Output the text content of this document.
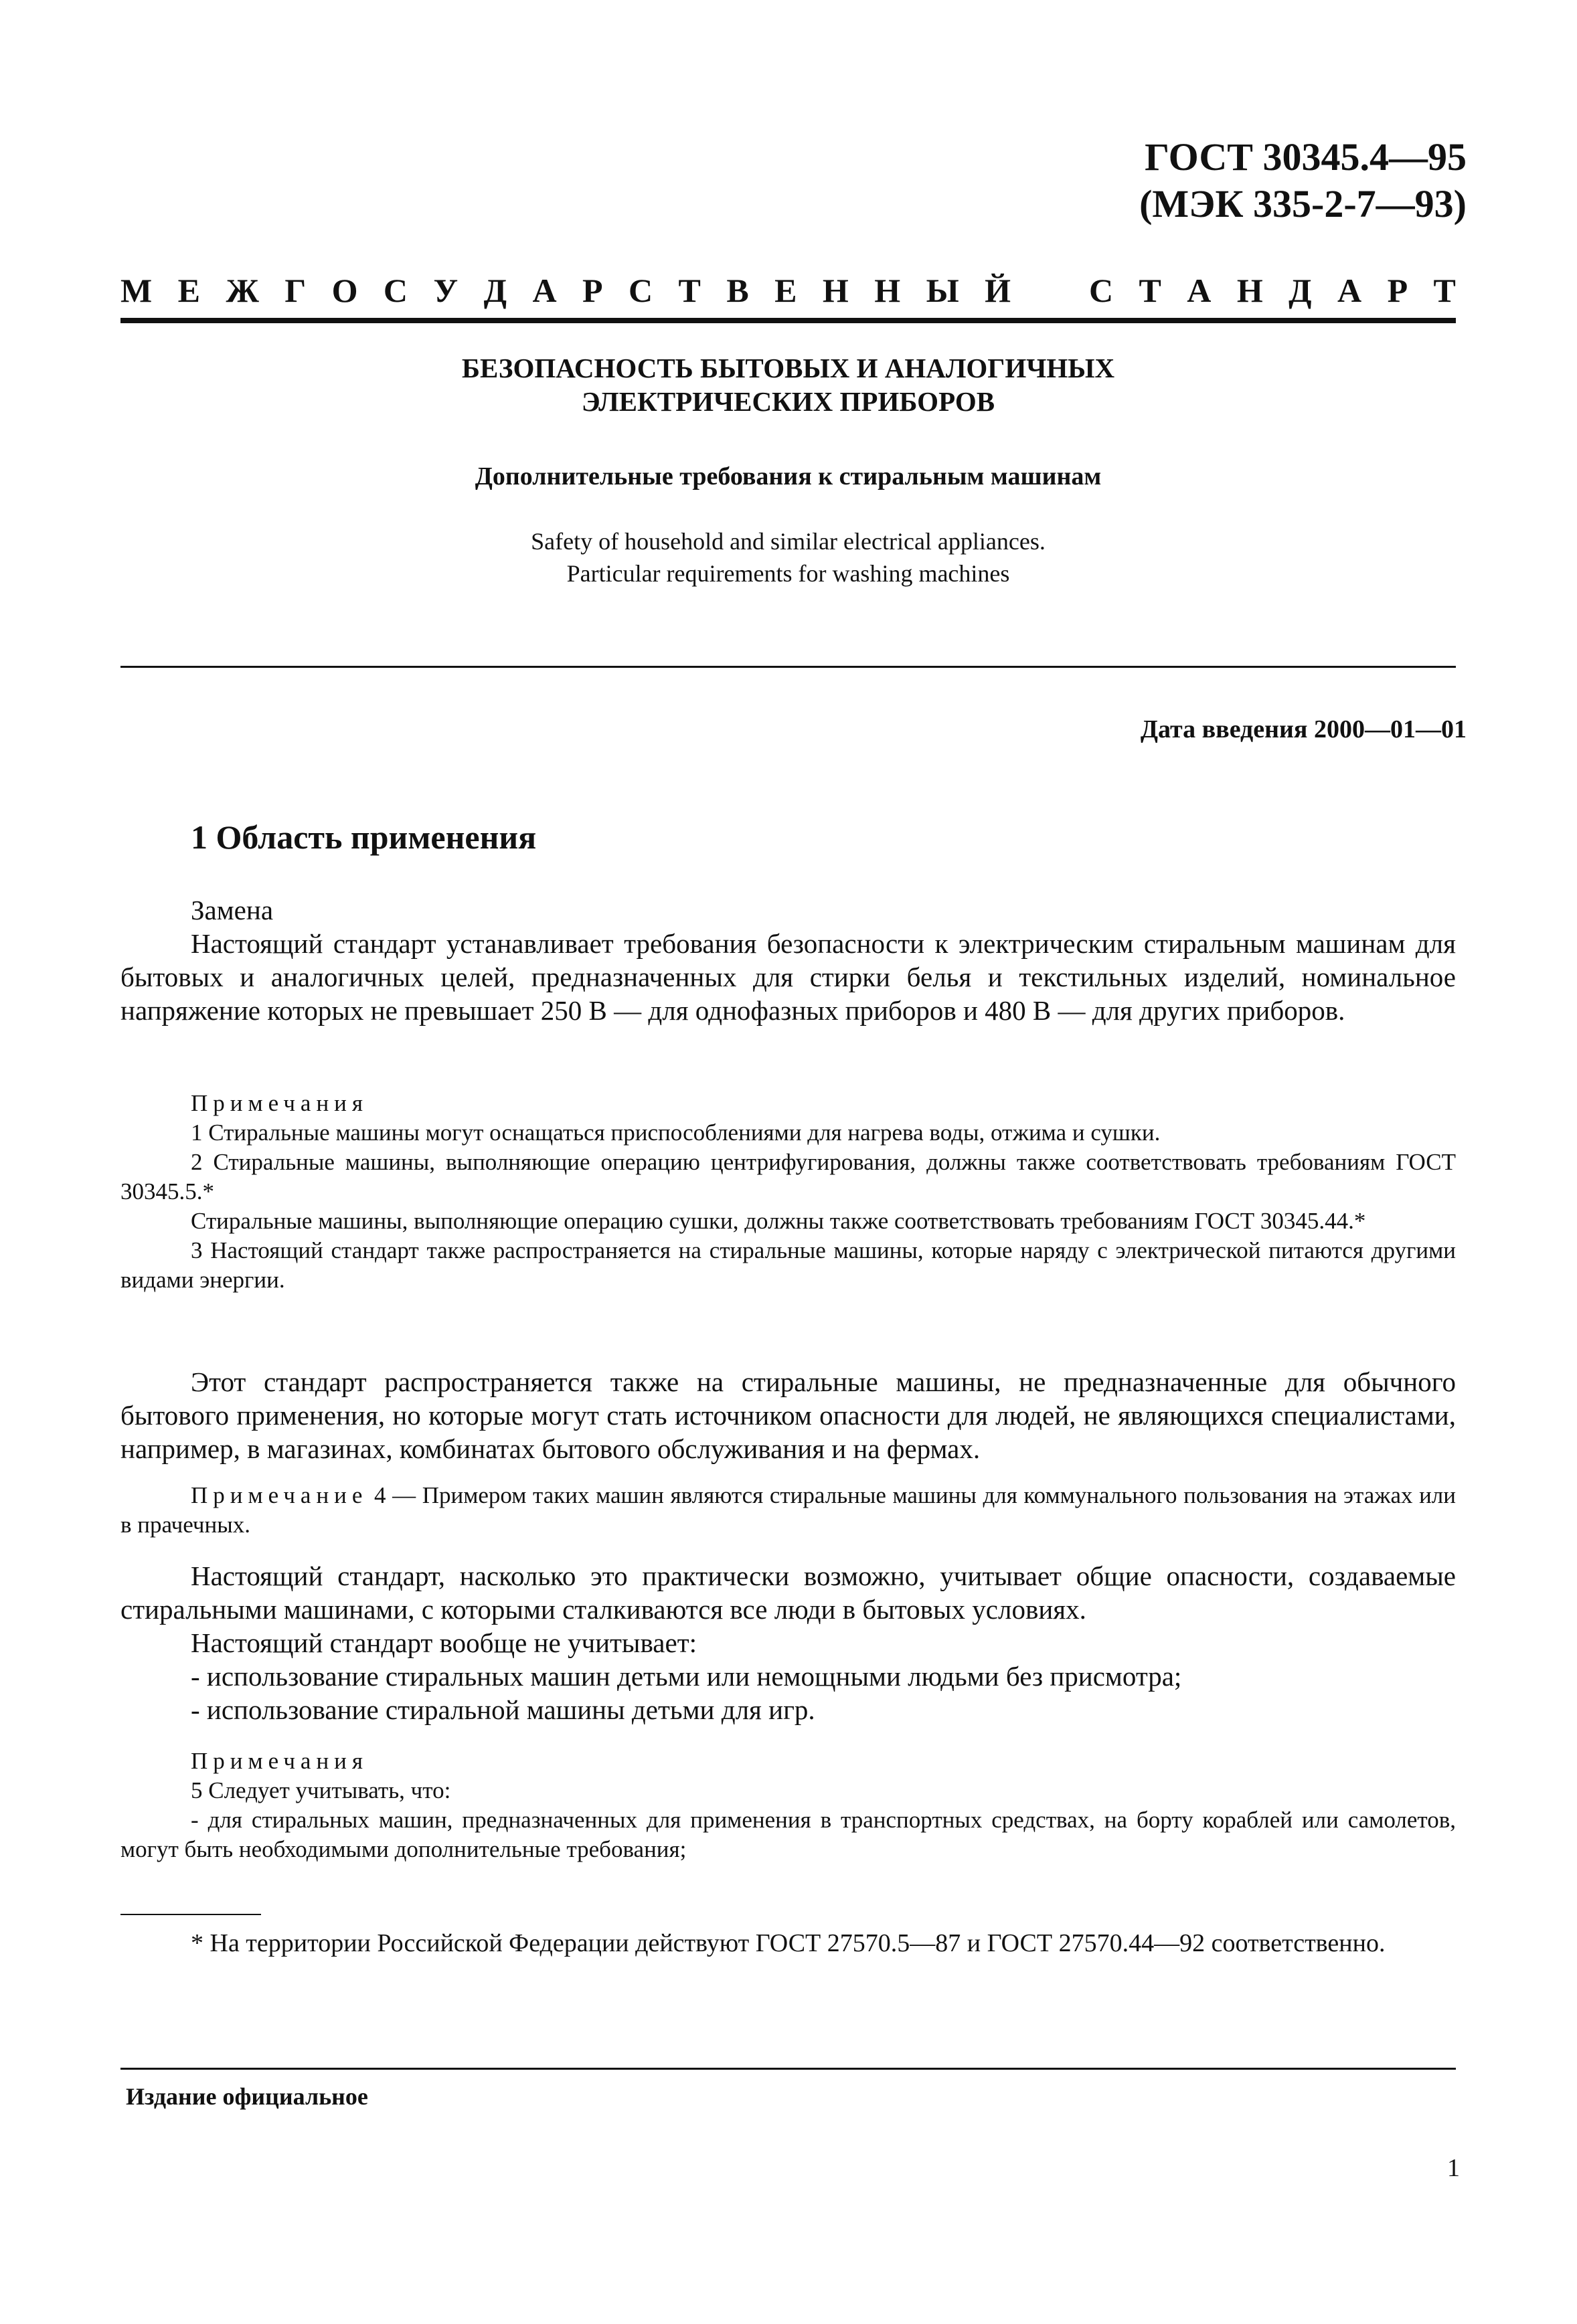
ГОСТ 30345.4—95
(МЭК 335-2-7—93)
М Е Ж Г О С У Д А Р С Т В Е Н Н Ы Й С Т А Н Д А Р Т
БЕЗОПАСНОСТЬ БЫТОВЫХ И АНАЛОГИЧНЫХ
ЭЛЕКТРИЧЕСКИХ ПРИБОРОВ
Дополнительные требования к стиральным машинам
Safety of household and similar electrical appliances.
Particular requirements for washing machines
Дата введения 2000—01—01
1 Область применения

Замена

Настоящий стандарт устанавливает требования безопасности к электрическим стиральным машинам для бытовых и аналогичных целей, предназначенных для стирки белья и текстильных изделий, номинальное напряжение которых не превышает 250 В — для однофазных приборов и 480 В — для других приборов.

Примечания

1 Стиральные машины могут оснащаться приспособлениями для нагрева воды, отжима и сушки.

2 Стиральные машины, выполняющие операцию центрифугирования, должны также соответствовать требованиям ГОСТ 30345.5.*

Стиральные машины, выполняющие операцию сушки, должны также соответствовать требованиям ГОСТ 30345.44.*

3 Настоящий стандарт также распространяется на стиральные машины, которые наряду с электрической питаются другими видами энергии.

Этот стандарт распространяется также на стиральные машины, не предназначенные для обычного бытового применения, но которые могут стать источником опасности для людей, не являющихся специалистами, например, в магазинах, комбинатах бытового обслуживания и на фермах.

Примечание 4 — Примером таких машин являются стиральные машины для коммунального пользования на этажах или в прачечных.

Настоящий стандарт, насколько это практически возможно, учитывает общие опасности, создаваемые стиральными машинами, с которыми сталкиваются все люди в бытовых условиях.

Настоящий стандарт вообще не учитывает:

- использование стиральных машин детьми или немощными людьми без присмотра;

- использование стиральной машины детьми для игр.

Примечания

5 Следует учитывать, что:

- для стиральных машин, предназначенных для применения в транспортных средствах, на борту кораблей или самолетов, могут быть необходимыми дополнительные требования;

* На территории Российской Федерации действуют ГОСТ 27570.5—87 и ГОСТ 27570.44—92 соответственно.

Издание официальное
1
